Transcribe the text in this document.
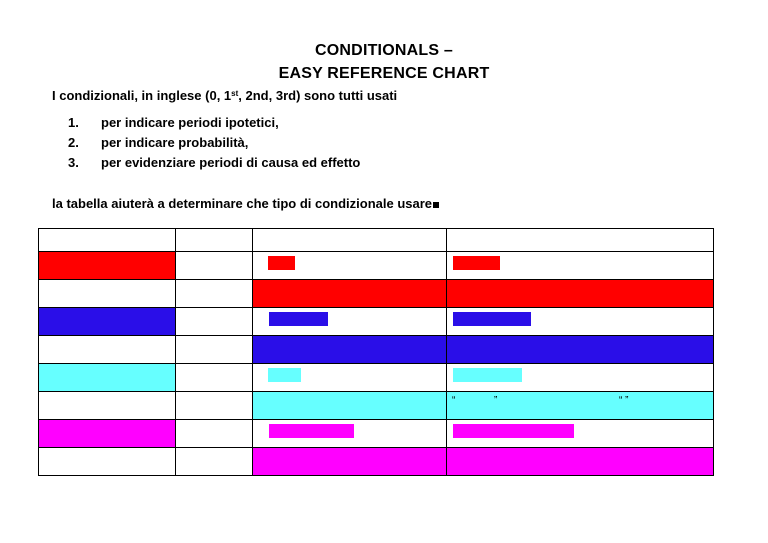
CONDITIONALS –
EASY REFERENCE CHART
I condizionali, in inglese (0, 1st, 2nd, 3rd) sono tutti usati
1. per indicare periodi ipotetici,
2. per indicare probabilità,
3. per evidenziare periodi di causa ed effetto
la tabella aiuterà a determinare che tipo di condizionale usare

			“ ” “ ”
